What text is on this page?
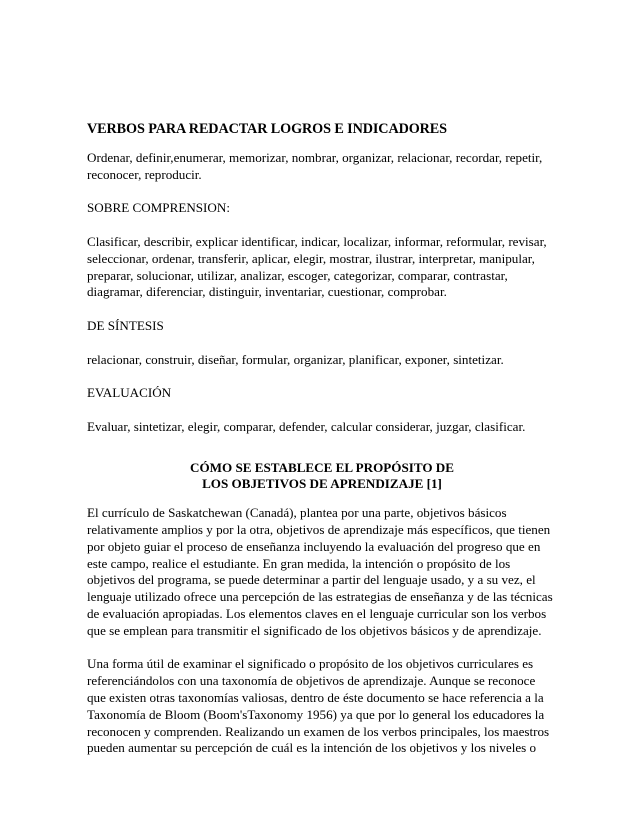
VERBOS PARA REDACTAR LOGROS E INDICADORES

Ordenar, definir,enumerar, memorizar, nombrar, organizar, relacionar, recordar, repetir, reconocer, reproducir.

SOBRE COMPRENSION:

Clasificar, describir, explicar identificar, indicar, localizar, informar, reformular, revisar, seleccionar, ordenar, transferir, aplicar, elegir, mostrar, ilustrar, interpretar, manipular, preparar, solucionar, utilizar, analizar, escoger, categorizar, comparar, contrastar, diagramar, diferenciar, distinguir, inventariar, cuestionar, comprobar.

DE SÍNTESIS

relacionar, construir, diseñar, formular, organizar, planificar, exponer, sintetizar.

EVALUACIÓN

Evaluar, sintetizar, elegir, comparar, defender, calcular considerar, juzgar, clasificar.

CÓMO SE ESTABLECE EL PROPÓSITO DE
LOS OBJETIVOS DE APRENDIZAJE [1]

El currículo de Saskatchewan (Canadá), plantea por una parte, objetivos básicos relativamente amplios y por la otra, objetivos de aprendizaje más específicos, que tienen por objeto guiar el proceso de enseñanza incluyendo la evaluación del progreso que en este campo, realice el estudiante. En gran medida, la intención o propósito de los objetivos del programa, se puede determinar a partir del lenguaje usado, y a su vez, el lenguaje utilizado ofrece una percepción de las estrategias de enseñanza y de las técnicas de evaluación apropiadas. Los elementos claves en el lenguaje curricular son los verbos que se emplean para transmitir el significado de los objetivos básicos y de aprendizaje.

Una forma útil de examinar el significado o propósito de los objetivos curriculares es referenciándolos con una taxonomía de objetivos de aprendizaje. Aunque se reconoce que existen otras taxonomías valiosas, dentro de éste documento se hace referencia a la Taxonomía de Bloom (Boom'sTaxonomy 1956) ya que por lo general los educadores la reconocen y comprenden. Realizando un examen de los verbos principales, los maestros pueden aumentar su percepción de cuál es la intención de los objetivos y los niveles o
